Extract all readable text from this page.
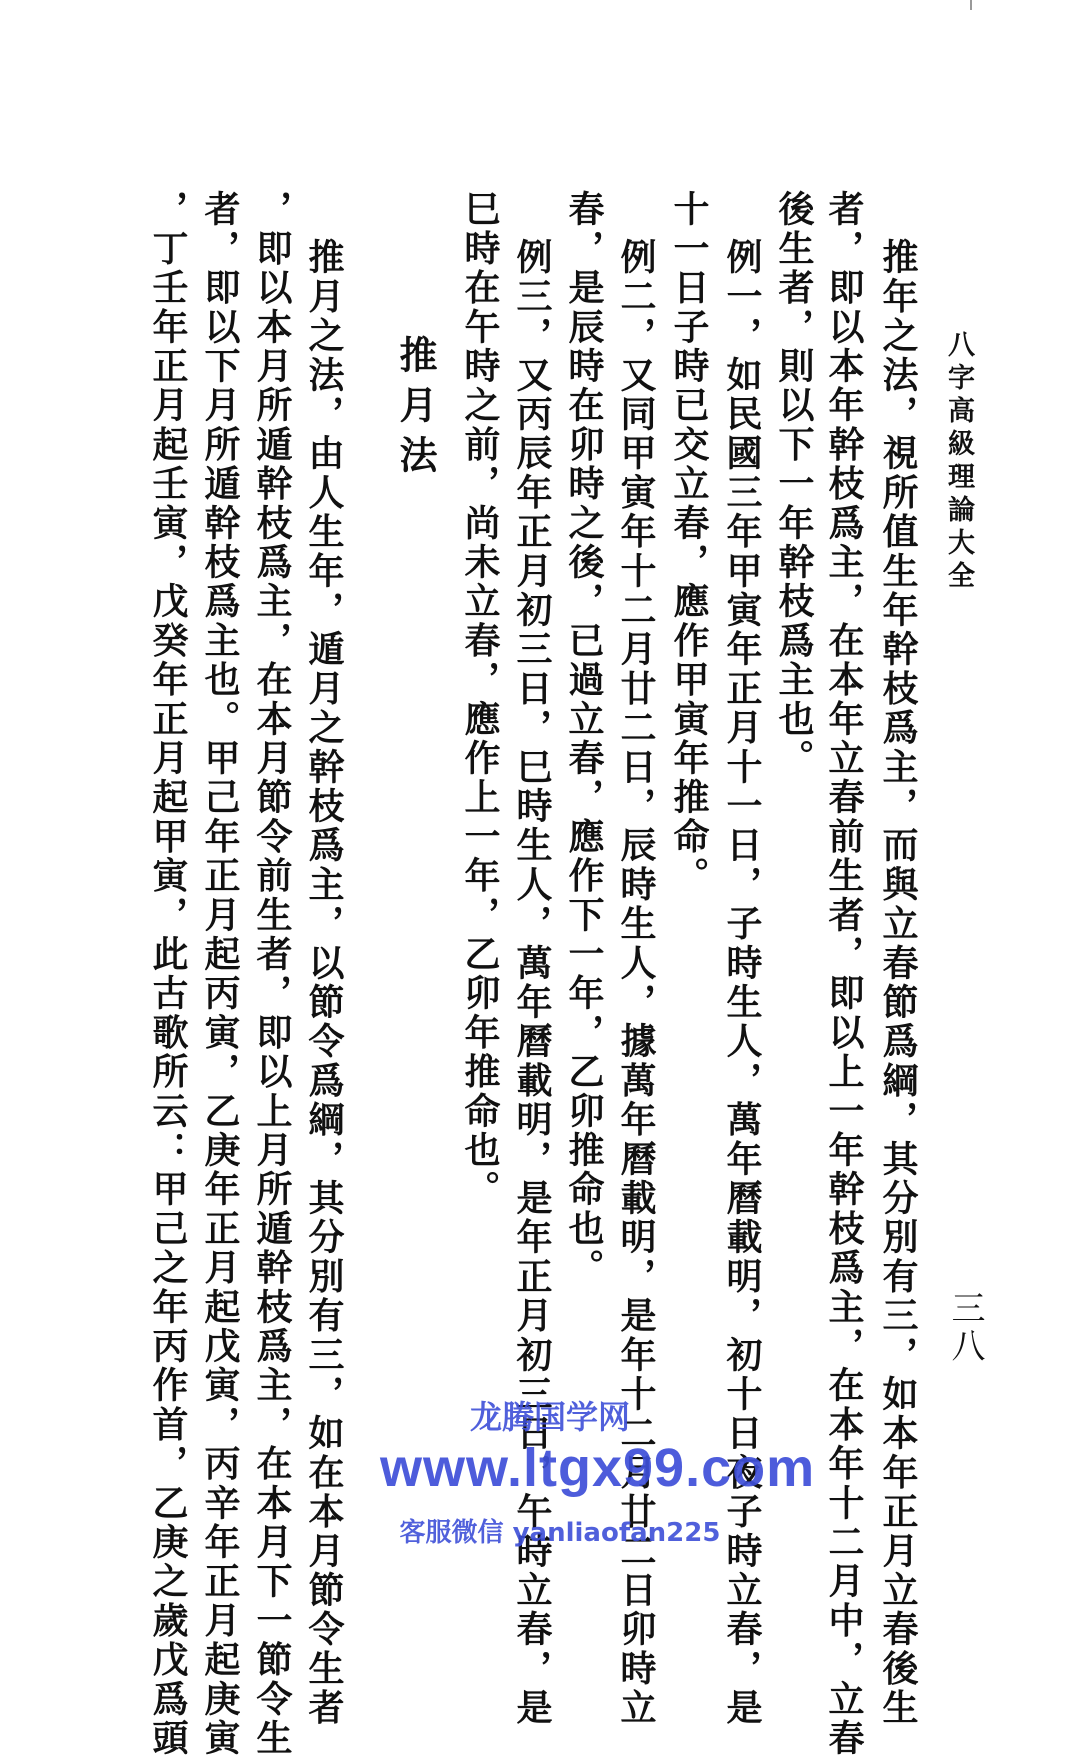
八字高級理論大全
三八
推年之法，視所值生年幹枝爲主，而與立春節爲綱，其分別有三，如本年正月立春後生
者，即以本年幹枝爲主，在本年立春前生者，即以上一年幹枝爲主，在本年十二月中，立春
後生者，則以下一年幹枝爲主也。
例一，如民國三年甲寅年正月十一日，子時生人，萬年曆載明，初十日夜子時立春，是
十一日子時已交立春，應作甲寅年推命。
例二，又同甲寅年十二月廿二日，辰時生人，據萬年曆載明，是年十二月廿二日卯時立
春，是辰時在卯時之後，已過立春，應作下一年，乙卯推命也。
例三，又丙辰年正月初三日，巳時生人，萬年曆載明，是年正月初三日，午時立春，是
巳時在午時之前，尚未立春，應作上一年，乙卯年推命也。
推月法
推月之法，由人生年，遁月之幹枝爲主，以節令爲綱，其分別有三，如在本月節令生者
，即以本月所遁幹枝爲主，在本月節令前生者，即以上月所遁幹枝爲主，在本月下一節令生
者，即以下月所遁幹枝爲主也。甲己年正月起丙寅，乙庚年正月起戊寅，丙辛年正月起庚寅
，丁壬年正月起壬寅，戊癸年正月起甲寅，此古歌所云：甲己之年丙作首，乙庚之歲戊爲頭	龙腾国学网
www.ltgx99.com
客服微信 yanliaofan225
